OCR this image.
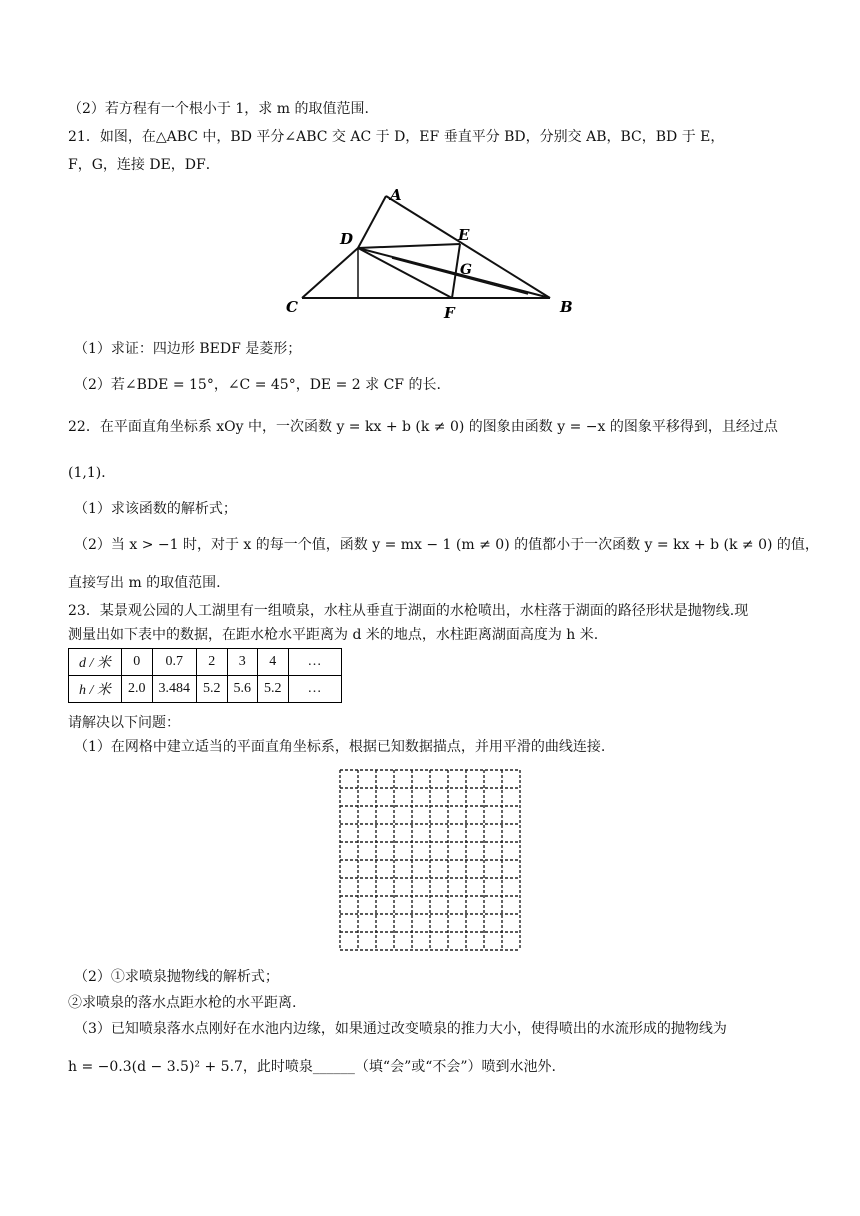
（2）若方程有一个根小于 1，求 m 的取值范围.
21．如图，在△ABC 中，BD 平分∠ABC 交 AC 于 D，EF 垂直平分 BD，分别交 AB，BC，BD 于 E，
F，G，连接 DE，DF．
A
D	E
G
C	F	B
（1）求证：四边形 BEDF 是菱形；
（2）若∠BDE = 15°，∠C = 45°，DE = 2 求 CF 的长.
22．在平面直角坐标系 xOy 中，一次函数 y = kx + b (k ≠ 0) 的图象由函数 y = −x 的图象平移得到，且经过点
(1,1)．
（1）求该函数的解析式；
（2）当 x > −1 时，对于 x 的每一个值，函数 y = mx − 1 (m ≠ 0) 的值都小于一次函数 y = kx + b (k ≠ 0) 的值，
直接写出 m 的取值范围.
23．某景观公园的人工湖里有一组喷泉，水柱从垂直于湖面的水枪喷出，水柱落于湖面的路径形状是抛物线.现
测量出如下表中的数据，在距水枪水平距离为 d 米的地点，水柱距离湖面高度为 h 米.
d / 米	0	0.7	2	3	4	…
h / 米	2.0	3.484	5.2	5.6	5.2	…
请解决以下问题：
（1）在网格中建立适当的平面直角坐标系，根据已知数据描点，并用平滑的曲线连接.
（2）①求喷泉抛物线的解析式；
②求喷泉的落水点距水枪的水平距离.
（3）已知喷泉落水点刚好在水池内边缘，如果通过改变喷泉的推力大小，使得喷出的水流形成的抛物线为
h = −0.3(d − 3.5)² + 5.7，此时喷泉______（填“会”或“不会”）喷到水池外.
